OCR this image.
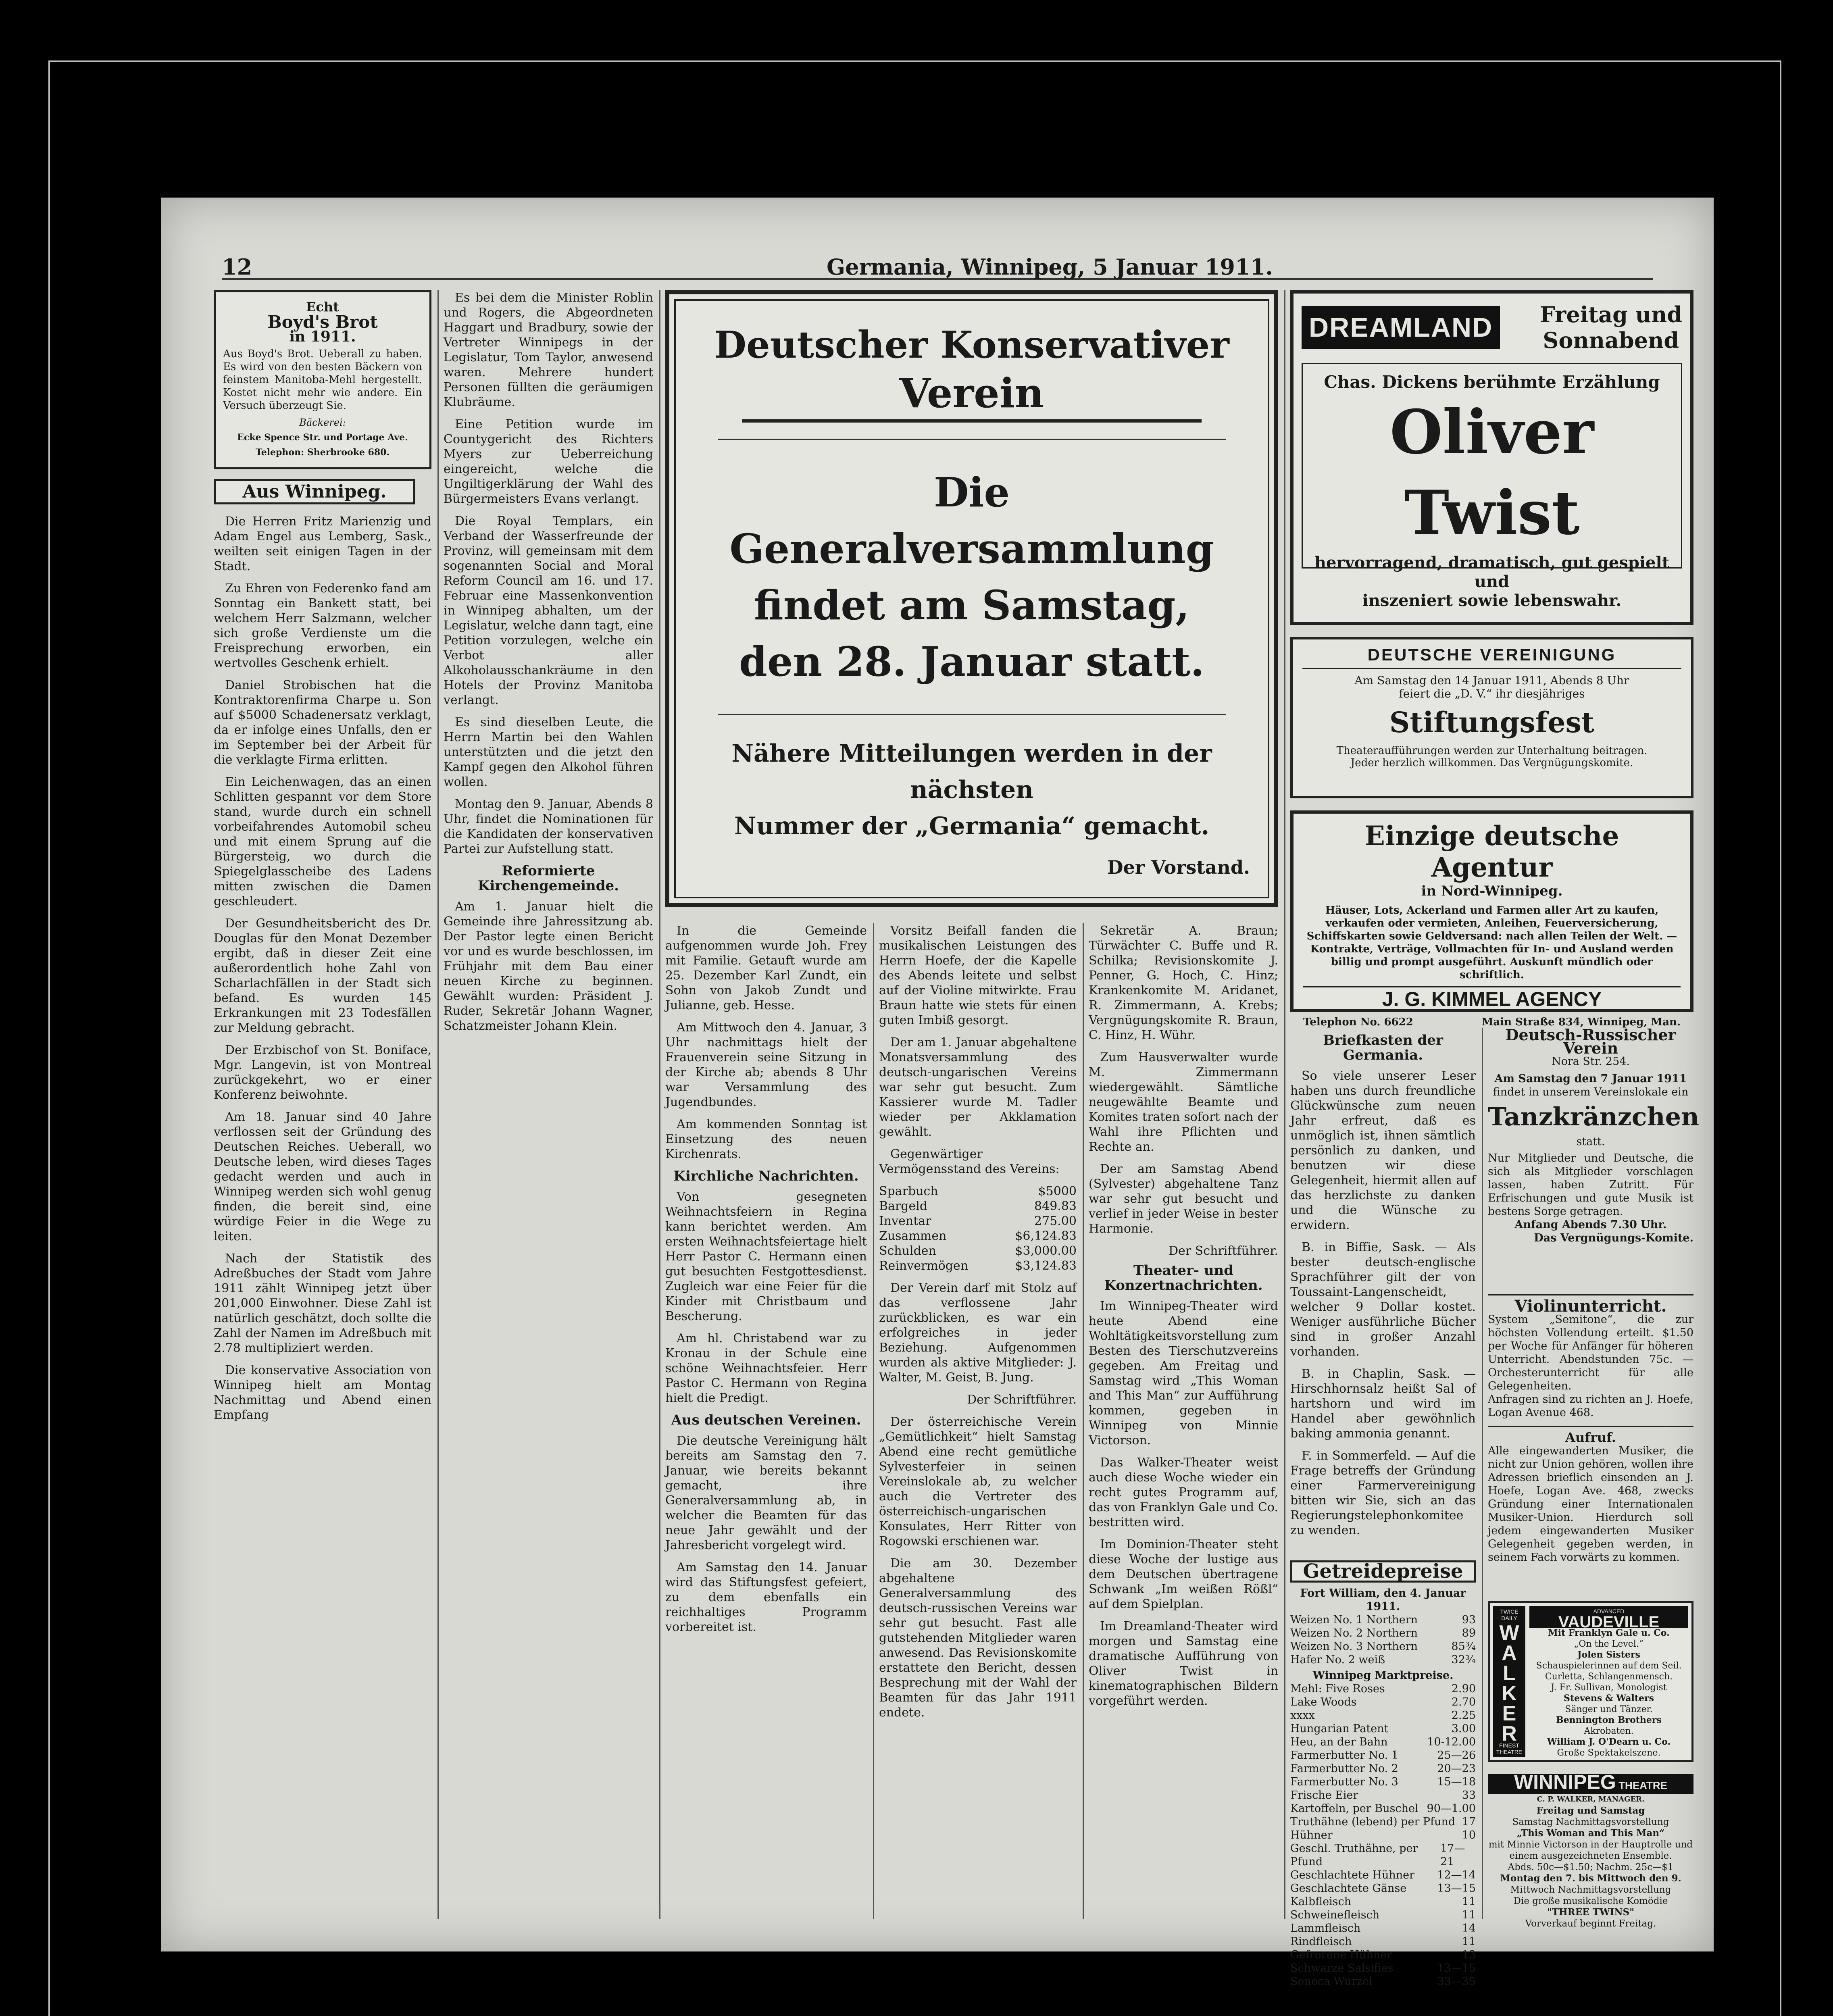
12	Germania, Winnipeg, 5 Januar 1911.
Echt
Boyd's Brot
in 1911.
Aus Boyd's Brot. Ueberall zu haben. Es wird von den besten Bäckern von feinstem Manitoba-Mehl hergestellt. Kostet nicht mehr wie andere. Ein Versuch überzeugt Sie.
Bäckerei:
Ecke Spence Str. und Portage Ave.
Telephon: Sherbrooke 680.
Aus Winnipeg.

Die Herren Fritz Marienzig und Adam Engel aus Lemberg, Sask., weilten seit einigen Tagen in der Stadt.

Zu Ehren von Federenko fand am Sonntag ein Bankett statt, bei welchem Herr Salzmann, welcher sich große Verdienste um die Freisprechung erworben, ein wertvolles Geschenk erhielt.

Daniel Strobischen hat die Kontraktorenfirma Charpe u. Son auf $5000 Schadenersatz verklagt, da er infolge eines Unfalls, den er im September bei der Arbeit für die verklagte Firma erlitten.

Ein Leichenwagen, das an einen Schlitten gespannt vor dem Store stand, wurde durch ein schnell vorbeifahrendes Automobil scheu und mit einem Sprung auf die Bürgersteig, wo durch die Spiegelglasscheibe des Ladens mitten zwischen die Damen geschleudert.

Der Gesundheitsbericht des Dr. Douglas für den Monat Dezember ergibt, daß in dieser Zeit eine außerordentlich hohe Zahl von Scharlachfällen in der Stadt sich befand. Es wurden 145 Erkrankungen mit 23 Todesfällen zur Meldung gebracht.

Der Erzbischof von St. Boniface, Mgr. Langevin, ist von Montreal zurückgekehrt, wo er einer Konferenz beiwohnte.

Am 18. Januar sind 40 Jahre verflossen seit der Gründung des Deutschen Reiches. Ueberall, wo Deutsche leben, wird dieses Tages gedacht werden und auch in Winnipeg werden sich wohl genug finden, die bereit sind, eine würdige Feier in die Wege zu leiten.

Nach der Statistik des Adreßbuches der Stadt vom Jahre 1911 zählt Winnipeg jetzt über 201,000 Einwohner. Diese Zahl ist natürlich geschätzt, doch sollte die Zahl der Namen im Adreßbuch mit 2.78 multipliziert werden.

Die konservative Association von Winnipeg hielt am Montag Nachmittag und Abend einen Empfang

Es bei dem die Minister Roblin und Rogers, die Abgeordneten Haggart und Bradbury, sowie der Vertreter Winnipegs in der Legislatur, Tom Taylor, anwesend waren. Mehrere hundert Personen füllten die geräumigen Klubräume.

Eine Petition wurde im Countygericht des Richters Myers zur Ueberreichung eingereicht, welche die Ungiltigerklärung der Wahl des Bürgermeisters Evans verlangt.

Die Royal Templars, ein Verband der Wasserfreunde der Provinz, will gemeinsam mit dem sogenannten Social and Moral Reform Council am 16. und 17. Februar eine Massenkonvention in Winnipeg abhalten, um der Legislatur, welche dann tagt, eine Petition vorzulegen, welche ein Verbot aller Alkoholausschankräume in den Hotels der Provinz Manitoba verlangt.

Es sind dieselben Leute, die Herrn Martin bei den Wahlen unterstützten und die jetzt den Kampf gegen den Alkohol führen wollen.

Montag den 9. Januar, Abends 8 Uhr, findet die Nominationen für die Kandidaten der konservativen Partei zur Aufstellung statt.

Reformierte Kirchengemeinde.

Am 1. Januar hielt die Gemeinde ihre Jahressitzung ab. Der Pastor legte einen Bericht vor und es wurde beschlossen, im Frühjahr mit dem Bau einer neuen Kirche zu beginnen. Gewählt wurden: Präsident J. Ruder, Sekretär Johann Wagner, Schatzmeister Johann Klein.

Deutscher Konservativer
Verein
Die Generalversammlung
findet am Samstag,
den 28. Januar statt.
Nähere Mitteilungen werden in der nächsten
Nummer der „Germania“ gemacht.
Der Vorstand.

In die Gemeinde aufgenommen wurde Joh. Frey mit Familie. Getauft wurde am 25. Dezember Karl Zundt, ein Sohn von Jakob Zundt und Julianne, geb. Hesse.

Am Mittwoch den 4. Januar, 3 Uhr nachmittags hielt der Frauenverein seine Sitzung in der Kirche ab; abends 8 Uhr war Versammlung des Jugendbundes.

Am kommenden Sonntag ist Einsetzung des neuen Kirchenrats.

Kirchliche Nachrichten.

Von gesegneten Weihnachtsfeiern in Regina kann berichtet werden. Am ersten Weihnachtsfeiertage hielt Herr Pastor C. Hermann einen gut besuchten Festgottesdienst. Zugleich war eine Feier für die Kinder mit Christbaum und Bescherung.

Am hl. Christabend war zu Kronau in der Schule eine schöne Weihnachtsfeier. Herr Pastor C. Hermann von Regina hielt die Predigt.

Aus deutschen Vereinen.

Die deutsche Vereinigung hält bereits am Samstag den 7. Januar, wie bereits bekannt gemacht, ihre Generalversammlung ab, in welcher die Beamten für das neue Jahr gewählt und der Jahresbericht vorgelegt wird.

Am Samstag den 14. Januar wird das Stiftungsfest gefeiert, zu dem ebenfalls ein reichhaltiges Programm vorbereitet ist.

Vorsitz Beifall fanden die musikalischen Leistungen des Herrn Hoefe, der die Kapelle des Abends leitete und selbst auf der Violine mitwirkte. Frau Braun hatte wie stets für einen guten Imbiß gesorgt.

Der am 1. Januar abgehaltene Monatsversammlung des deutsch-ungarischen Vereins war sehr gut besucht. Zum Kassierer wurde M. Tadler wieder per Akklamation gewählt.

Gegenwärtiger Vermögensstand des Vereins:

Sparbuch	$5000
Bargeld	849.83
Inventar	275.00
Zusammen	$6,124.83
Schulden	$3,000.00
Reinvermögen	$3,124.83

Der Verein darf mit Stolz auf das verflossene Jahr zurückblicken, es war ein erfolgreiches in jeder Beziehung. Aufgenommen wurden als aktive Mitglieder: J. Walter, M. Geist, B. Jung.

Der Schriftführer.

Der österreichische Verein „Gemütlichkeit“ hielt Samstag Abend eine recht gemütliche Sylvesterfeier in seinen Vereinslokale ab, zu welcher auch die Vertreter des österreichisch-ungarischen Konsulates, Herr Ritter von Rogowski erschienen war.

Die am 30. Dezember abgehaltene Generalversammlung des deutsch-russischen Vereins war sehr gut besucht. Fast alle gutstehenden Mitglieder waren anwesend. Das Revisionskomite erstattete den Bericht, dessen Besprechung mit der Wahl der Beamten für das Jahr 1911 endete.

Sekretär A. Braun; Türwächter C. Buffe und R. Schilka; Revisionskomite J. Penner, G. Hoch, C. Hinz; Krankenkomite M. Aridanet, R. Zimmermann, A. Krebs; Vergnügungskomite R. Braun, C. Hinz, H. Wühr.

Zum Hausverwalter wurde M. Zimmermann wiedergewählt. Sämtliche neugewählte Beamte und Komites traten sofort nach der Wahl ihre Pflichten und Rechte an.

Der am Samstag Abend (Sylvester) abgehaltene Tanz war sehr gut besucht und verlief in jeder Weise in bester Harmonie.

Der Schriftführer.
Theater- und Konzertnachrichten.

Im Winnipeg-Theater wird heute Abend eine Wohltätigkeitsvorstellung zum Besten des Tierschutzvereins gegeben. Am Freitag und Samstag wird „This Woman and This Man“ zur Aufführung kommen, gegeben in Winnipeg von Minnie Victorson.

Das Walker-Theater weist auch diese Woche wieder ein recht gutes Programm auf, das von Franklyn Gale und Co. bestritten wird.

Im Dominion-Theater steht diese Woche der lustige aus dem Deutschen übertragene Schwank „Im weißen Rößl“ auf dem Spielplan.

Im Dreamland-Theater wird morgen und Samstag eine dramatische Aufführung von Oliver Twist in kinematographischen Bildern vorgeführt werden.

DREAMLAND	Freitag und
Sonnabend
Chas. Dickens berühmte Erzählung
Oliver Twist
hervorragend, dramatisch, gut gespielt und
inszeniert sowie lebenswahr.
DEUTSCHE VEREINIGUNG
Am Samstag den 14 Januar 1911, Abends 8 Uhr
feiert die „D. V.“ ihr diesjähriges
Stiftungsfest
Theateraufführungen werden zur Unterhaltung beitragen.
Jeder herzlich willkommen. Das Vergnügungskomite.
Einzige deutsche Agentur
in Nord-Winnipeg.
Häuser, Lots, Ackerland und Farmen aller Art zu kaufen, verkaufen oder vermieten, Anleihen, Feuerversicherung, Schiffskarten sowie Geldversand: nach allen Teilen der Welt. — Kontrakte, Verträge, Vollmachten für In- und Ausland werden billig und prompt ausgeführt. Auskunft mündlich oder schriftlich.
J. G. KIMMEL AGENCY
Telephon No. 6622	Main Straße 834, Winnipeg, Man.
Briefkasten der Germania.

So viele unserer Leser haben uns durch freundliche Glückwünsche zum neuen Jahr erfreut, daß es unmöglich ist, ihnen sämtlich persönlich zu danken, und benutzen wir diese Gelegenheit, hiermit allen auf das herzlichste zu danken und die Wünsche zu erwidern.

B. in Biffie, Sask. — Als bester deutsch-englische Sprachführer gilt der von Toussaint-Langenscheidt, welcher 9 Dollar kostet. Weniger ausführliche Bücher sind in großer Anzahl vorhanden.

B. in Chaplin, Sask. — Hirschhornsalz heißt Sal of hartshorn und wird im Handel aber gewöhnlich baking ammonia genannt.

F. in Sommerfeld. — Auf die Frage betreffs der Gründung einer Farmervereinigung bitten wir Sie, sich an das Regierungstelephonkomitee zu wenden.

Getreidepreise
Fort William, den 4. Januar 1911.
Weizen No. 1 Northern	93
Weizen No. 2 Northern	89
Weizen No. 3 Northern	85¾
Hafer No. 2 weiß	32¾
Winnipeg Marktpreise.
Mehl: Five Roses	2.90
Lake Woods	2.70
xxxx	2.25
Hungarian Patent	3.00
Heu, an der Bahn	10-12.00
Farmerbutter No. 1	25—26
Farmerbutter No. 2	20—23
Farmerbutter No. 3	15—18
Frische Eier	33
Kartoffeln, per Buschel 90—1.00
Truthähne (lebend) per Pfund 17
Hühner	10
Geschl. Truthähne, per Pfund
17—21
Geschlachtete Hühner 12—14
Geschlachtete Gänse	13—15
Kalbfleisch	11
Schweinefleisch	11
Lammfleisch	14
Rindfleisch	11
Gefrorene Hühner	13
Schwarze Salsifies	13—15
Seneca Wurzel	33—35
Deutsch-Russischer Verein
Nora Str. 254.
Am Samstag den 7 Januar 1911
findet in unserem Vereinslokale ein
Tanzkränzchen
statt.
Nur Mitglieder und Deutsche, die sich als Mitglieder vorschlagen lassen, haben Zutritt. Für Erfrischungen und gute Musik ist bestens Sorge getragen.
Anfang Abends 7.30 Uhr.
Das Vergnügungs-Komite.
Violinunterricht.
System „Semitone“, die zur höchsten Vollendung erteilt. $1.50 per Woche für Anfänger für höheren Unterricht. Abendstunden 75c. — Orchesterunterricht für alle Gelegenheiten.
Anfragen sind zu richten an J. Hoefe, Logan Avenue 468.
Aufruf.
Alle eingewanderten Musiker, die nicht zur Union gehören, wollen ihre Adressen brieflich einsenden an J. Hoefe, Logan Ave. 468, zwecks Gründung einer Internationalen Musiker-Union. Hierdurch soll jedem eingewanderten Musiker Gelegenheit gegeben werden, in seinem Fach vorwärts zu kommen.
TWICE DAILY
WALKER
FINEST THEATRE
ADVANCED
VAUDEVILLE
Mit Franklyn Gale u. Co.
„On the Level.“
Jolen Sisters
Schauspielerinnen auf dem Seil.
Curletta, Schlangenmensch.
J. Fr. Sullivan, Monologist
Stevens & Walters
Sänger und Tänzer.
Bennington Brothers
Akrobaten.
William J. O'Dearn u. Co.
Große Spektakelszene.
WINNIPEG THEATRE
C. P. WALKER, MANAGER.
Freitag und Samstag
Samstag Nachmittagsvorstellung
„This Woman and This Man“
mit Minnie Victorson in der Hauptrolle und einem ausgezeichneten Ensemble.
Abds. 50c—$1.50; Nachm. 25c—$1
Montag den 7. bis Mittwoch den 9.
Mittwoch Nachmittagsvorstellung
Die große musikalische Komödie
"THREE TWINS"
Vorverkauf beginnt Freitag.
